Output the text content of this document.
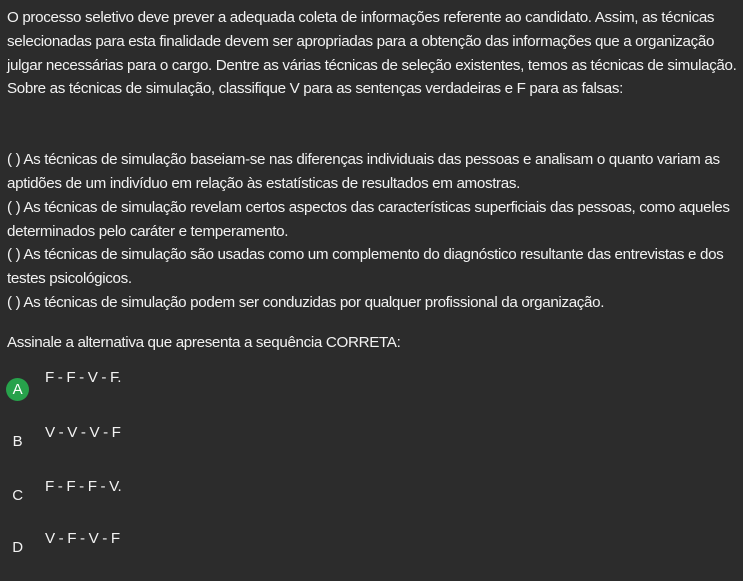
O processo seletivo deve prever a adequada coleta de informações referente ao candidato. Assim, as técnicas selecionadas para esta finalidade devem ser apropriadas para a obtenção das informações que a organização julgar necessárias para o cargo. Dentre as várias técnicas de seleção existentes, temos as técnicas de simulação. Sobre as técnicas de simulação, classifique V para as sentenças verdadeiras e F para as falsas:

( ) As técnicas de simulação baseiam-se nas diferenças individuais das pessoas e analisam o quanto variam as aptidões de um indivíduo em relação às estatísticas de resultados em amostras.

( ) As técnicas de simulação revelam certos aspectos das características superficiais das pessoas, como aqueles determinados pelo caráter e temperamento.

( ) As técnicas de simulação são usadas como um complemento do diagnóstico resultante das entrevistas e dos testes psicológicos.

( ) As técnicas de simulação podem ser conduzidas por qualquer profissional da organização.

Assinale a alternativa que apresenta a sequência CORRETA:

A
F - F - V - F.
B
V - V - V - F
C
F - F - F - V.
D
V - F - V - F
